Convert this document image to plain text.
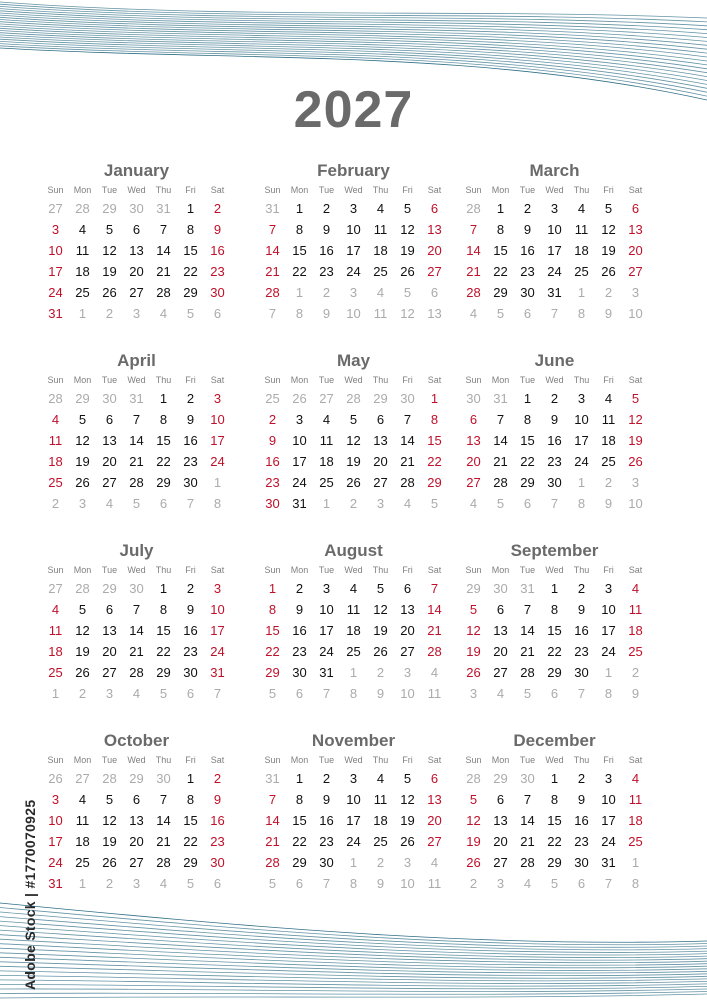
2027
January
Sun	Mon	Tue	Wed	Thu	Fri	Sat
27 28 29 30 31	1	2
3	4	5	6	7	8	9
10	11	12 13 14 15 16
17 18 19 20 21 22 23
24 25 26 27 28 29 30
31	1	2	3	4	5	6
February
Sun	Mon	Tue	Wed	Thu	Fri	Sat
31	1	2	3	4	5	6
7	8	9	10	11	12 13
14 15 16 17 18 19 20
21 22 23 24 25 26 27
28	1	2	3	4	5	6
7	8	9	10	11	12 13
March
Sun	Mon	Tue	Wed	Thu	Fri	Sat
28	1	2	3	4	5	6
7	8	9	10	11	12 13
14 15 16 17 18 19 20
21 22 23 24 25 26 27
28 29 30 31	1	2	3
4	5	6	7	8	9	10
April
Sun	Mon	Tue	Wed	Thu	Fri	Sat
28 29 30 31	1	2	3
4	5	6	7	8	9	10
11	12 13 14 15 16 17
18 19 20 21 22 23 24
25 26 27 28 29 30	1
2	3	4	5	6	7	8
May
Sun	Mon	Tue	Wed	Thu	Fri	Sat
25 26 27 28 29 30	1
2	3	4	5	6	7	8
9	10	11	12 13 14 15
16 17 18 19 20 21 22
23 24 25 26 27 28 29
30 31	1	2	3	4	5
June
Sun	Mon	Tue	Wed	Thu	Fri	Sat
30 31	1	2	3	4	5
6	7	8	9	10	11	12
13 14 15 16 17 18 19
20 21 22 23 24 25 26
27 28 29 30	1	2	3
4	5	6	7	8	9	10
July
Sun	Mon	Tue	Wed	Thu	Fri	Sat
27 28 29 30	1	2	3
4	5	6	7	8	9	10
11	12 13 14 15 16 17
18 19 20 21 22 23 24
25 26 27 28 29 30 31
1	2	3	4	5	6	7
August
Sun	Mon	Tue	Wed	Thu	Fri	Sat
1	2	3	4	5	6	7
8	9	10	11	12 13 14
15 16 17 18 19 20 21
22 23 24 25 26 27 28
29 30 31	1	2	3	4
5	6	7	8	9	10	11
September
Sun	Mon	Tue	Wed	Thu	Fri	Sat
29 30 31	1	2	3	4
5	6	7	8	9	10	11
12 13 14 15 16 17 18
19 20 21 22 23 24 25
26 27 28 29 30	1	2
3	4	5	6	7	8	9
October
Sun	Mon	Tue	Wed	Thu	Fri	Sat
26 27 28 29 30	1	2
3	4	5	6	7	8	9
10	11	12 13 14 15 16
17 18 19 20 21 22 23
24 25 26 27 28 29 30
31	1	2	3	4	5	6
November
Sun	Mon	Tue	Wed	Thu	Fri	Sat
31	1	2	3	4	5	6
7	8	9	10	11	12 13
14 15 16 17 18 19 20
21 22 23 24 25 26 27
28 29 30	1	2	3	4
5	6	7	8	9	10	11
December
Sun	Mon	Tue	Wed	Thu	Fri	Sat
28 29 30	1	2	3	4
5	6	7	8	9	10	11
12 13 14 15 16 17 18
19 20 21 22 23 24 25
26 27 28 29 30 31	1
2	3	4	5	6	7	8
Adobe Stock | #1770070925
